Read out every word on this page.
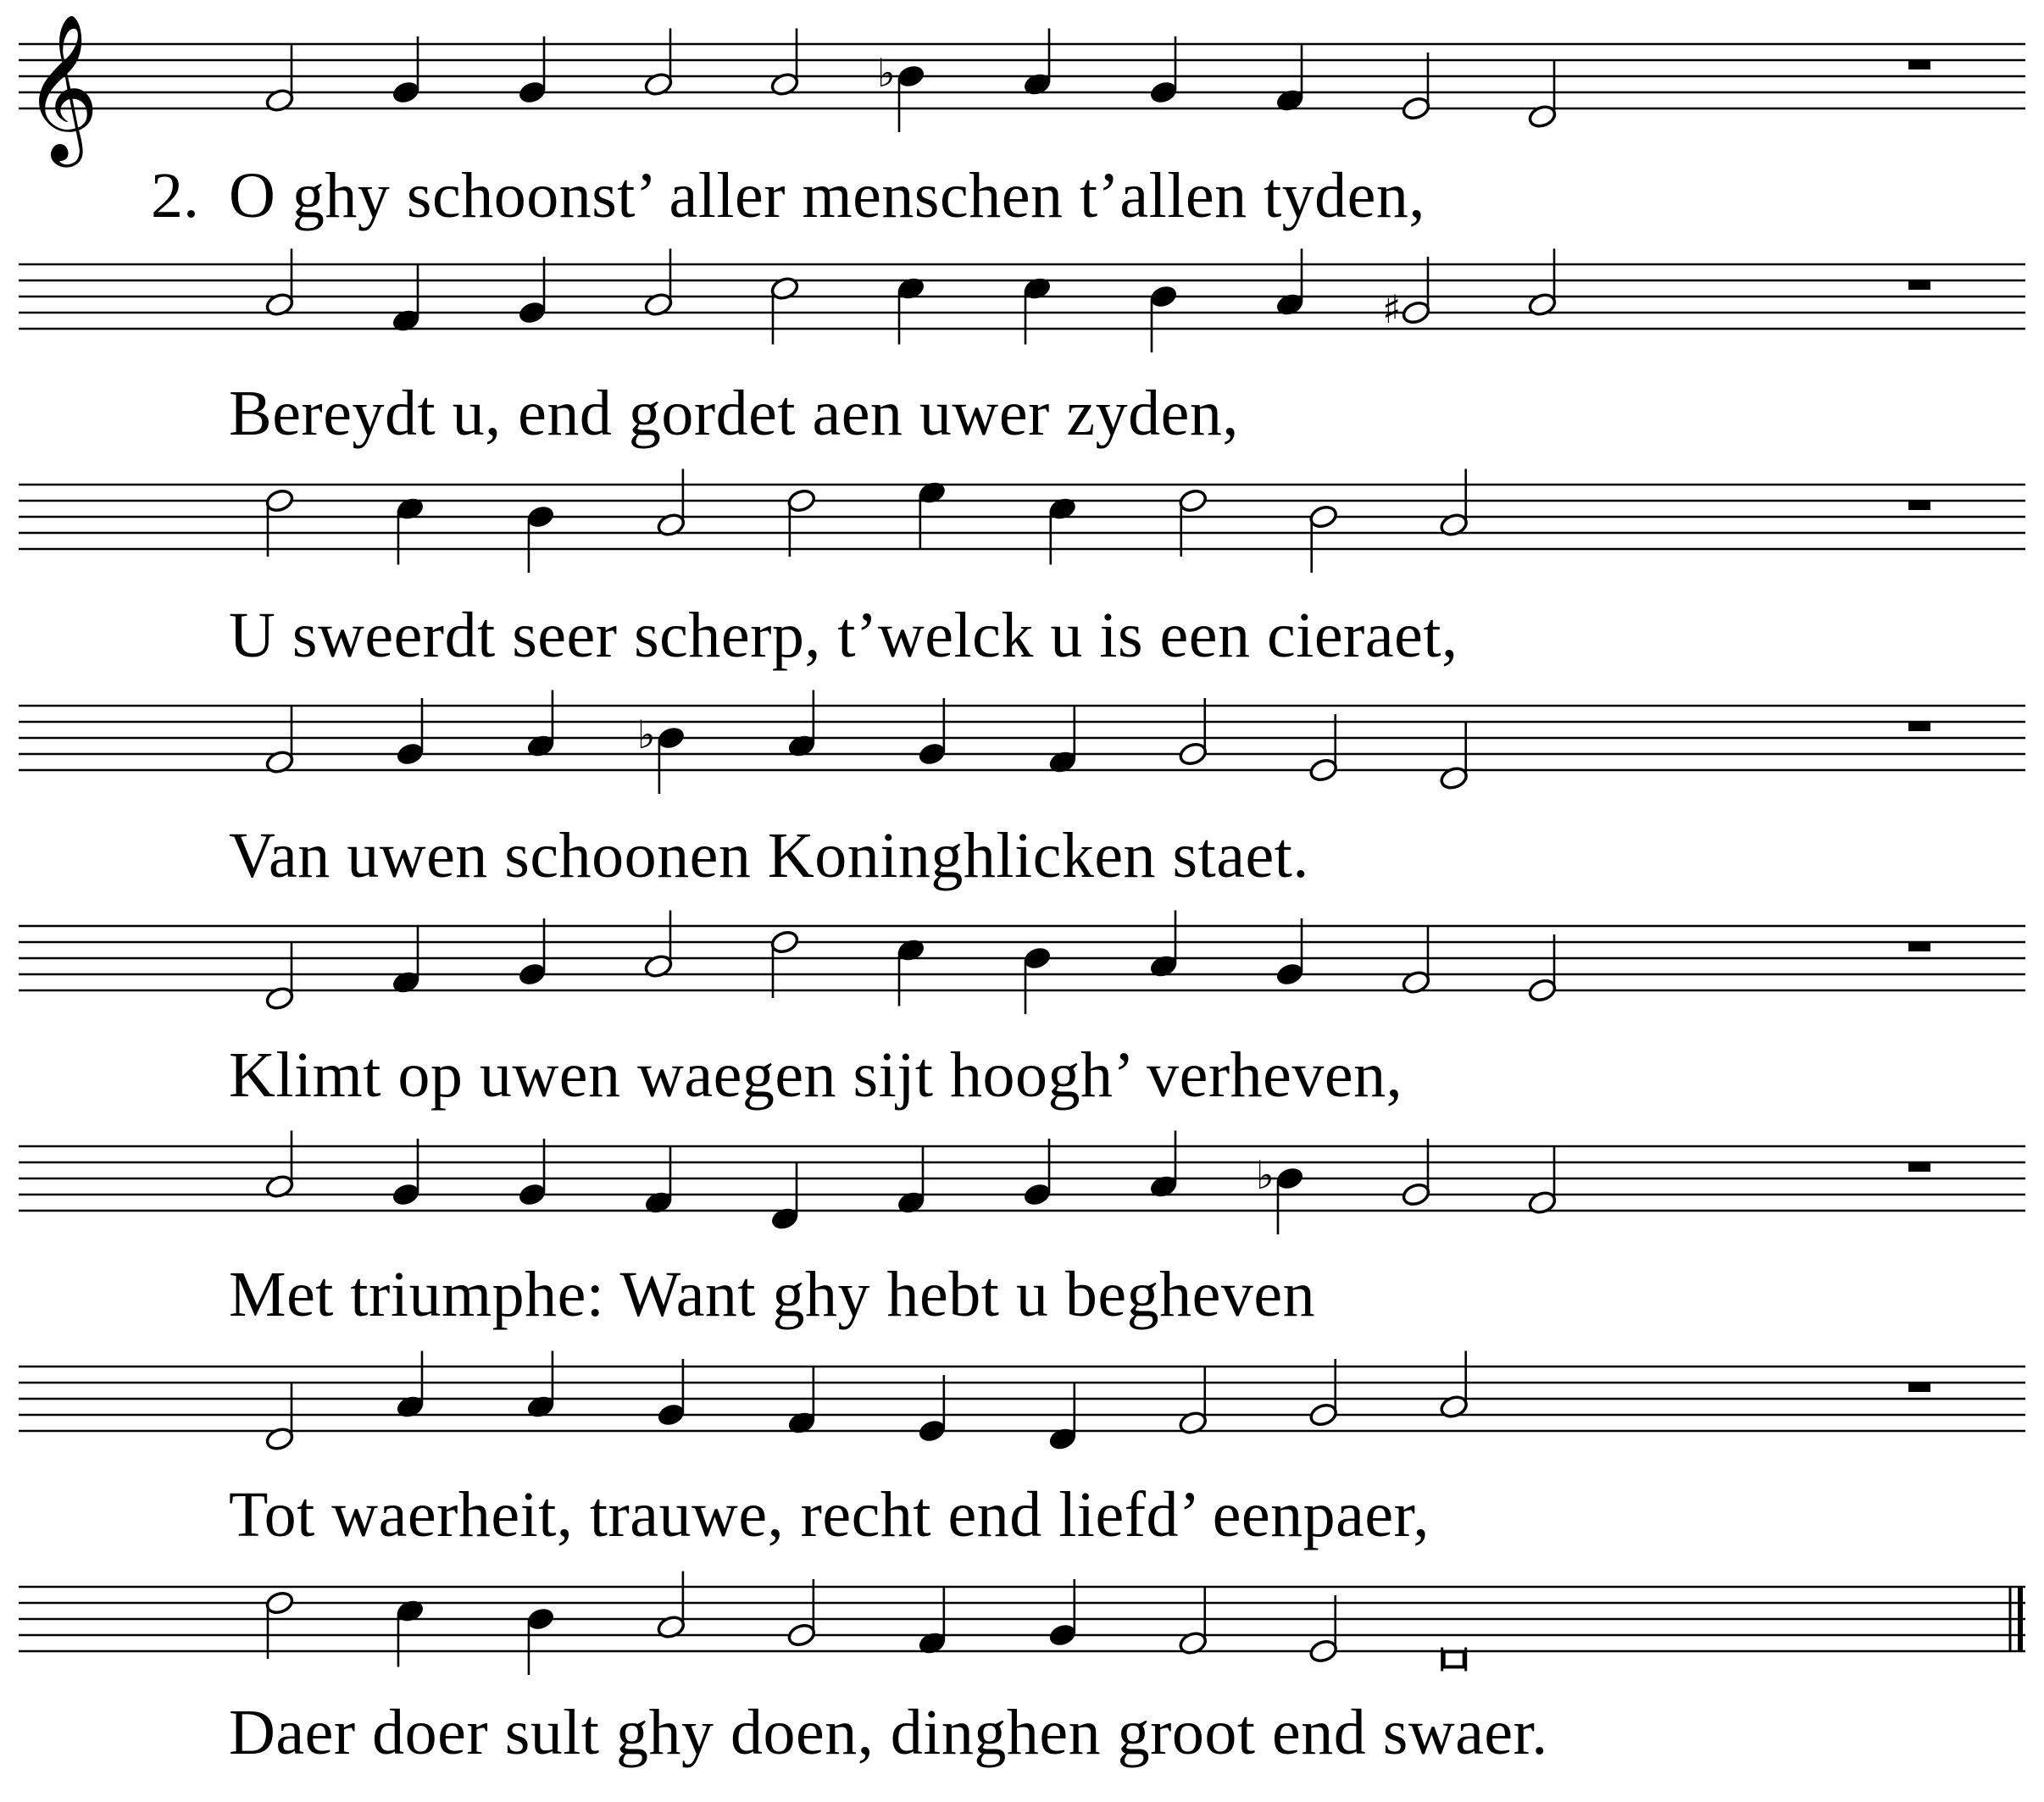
𝄞	♭
♯
♭
♭
2. O ghy schoonst’ aller menschen t’allen tyden,
Bereydt u, end gordet aen uwer zyden,
U sweerdt seer scherp, t’welck u is een cieraet,
Van uwen schoonen Koninghlicken staet.
Klimt op uwen waegen sijt hoogh’ verheven,
Met triumphe: Want ghy hebt u begheven
Tot waerheit, trauwe, recht end liefd’ eenpaer,
Daer doer sult ghy doen, dinghen groot end swaer.
